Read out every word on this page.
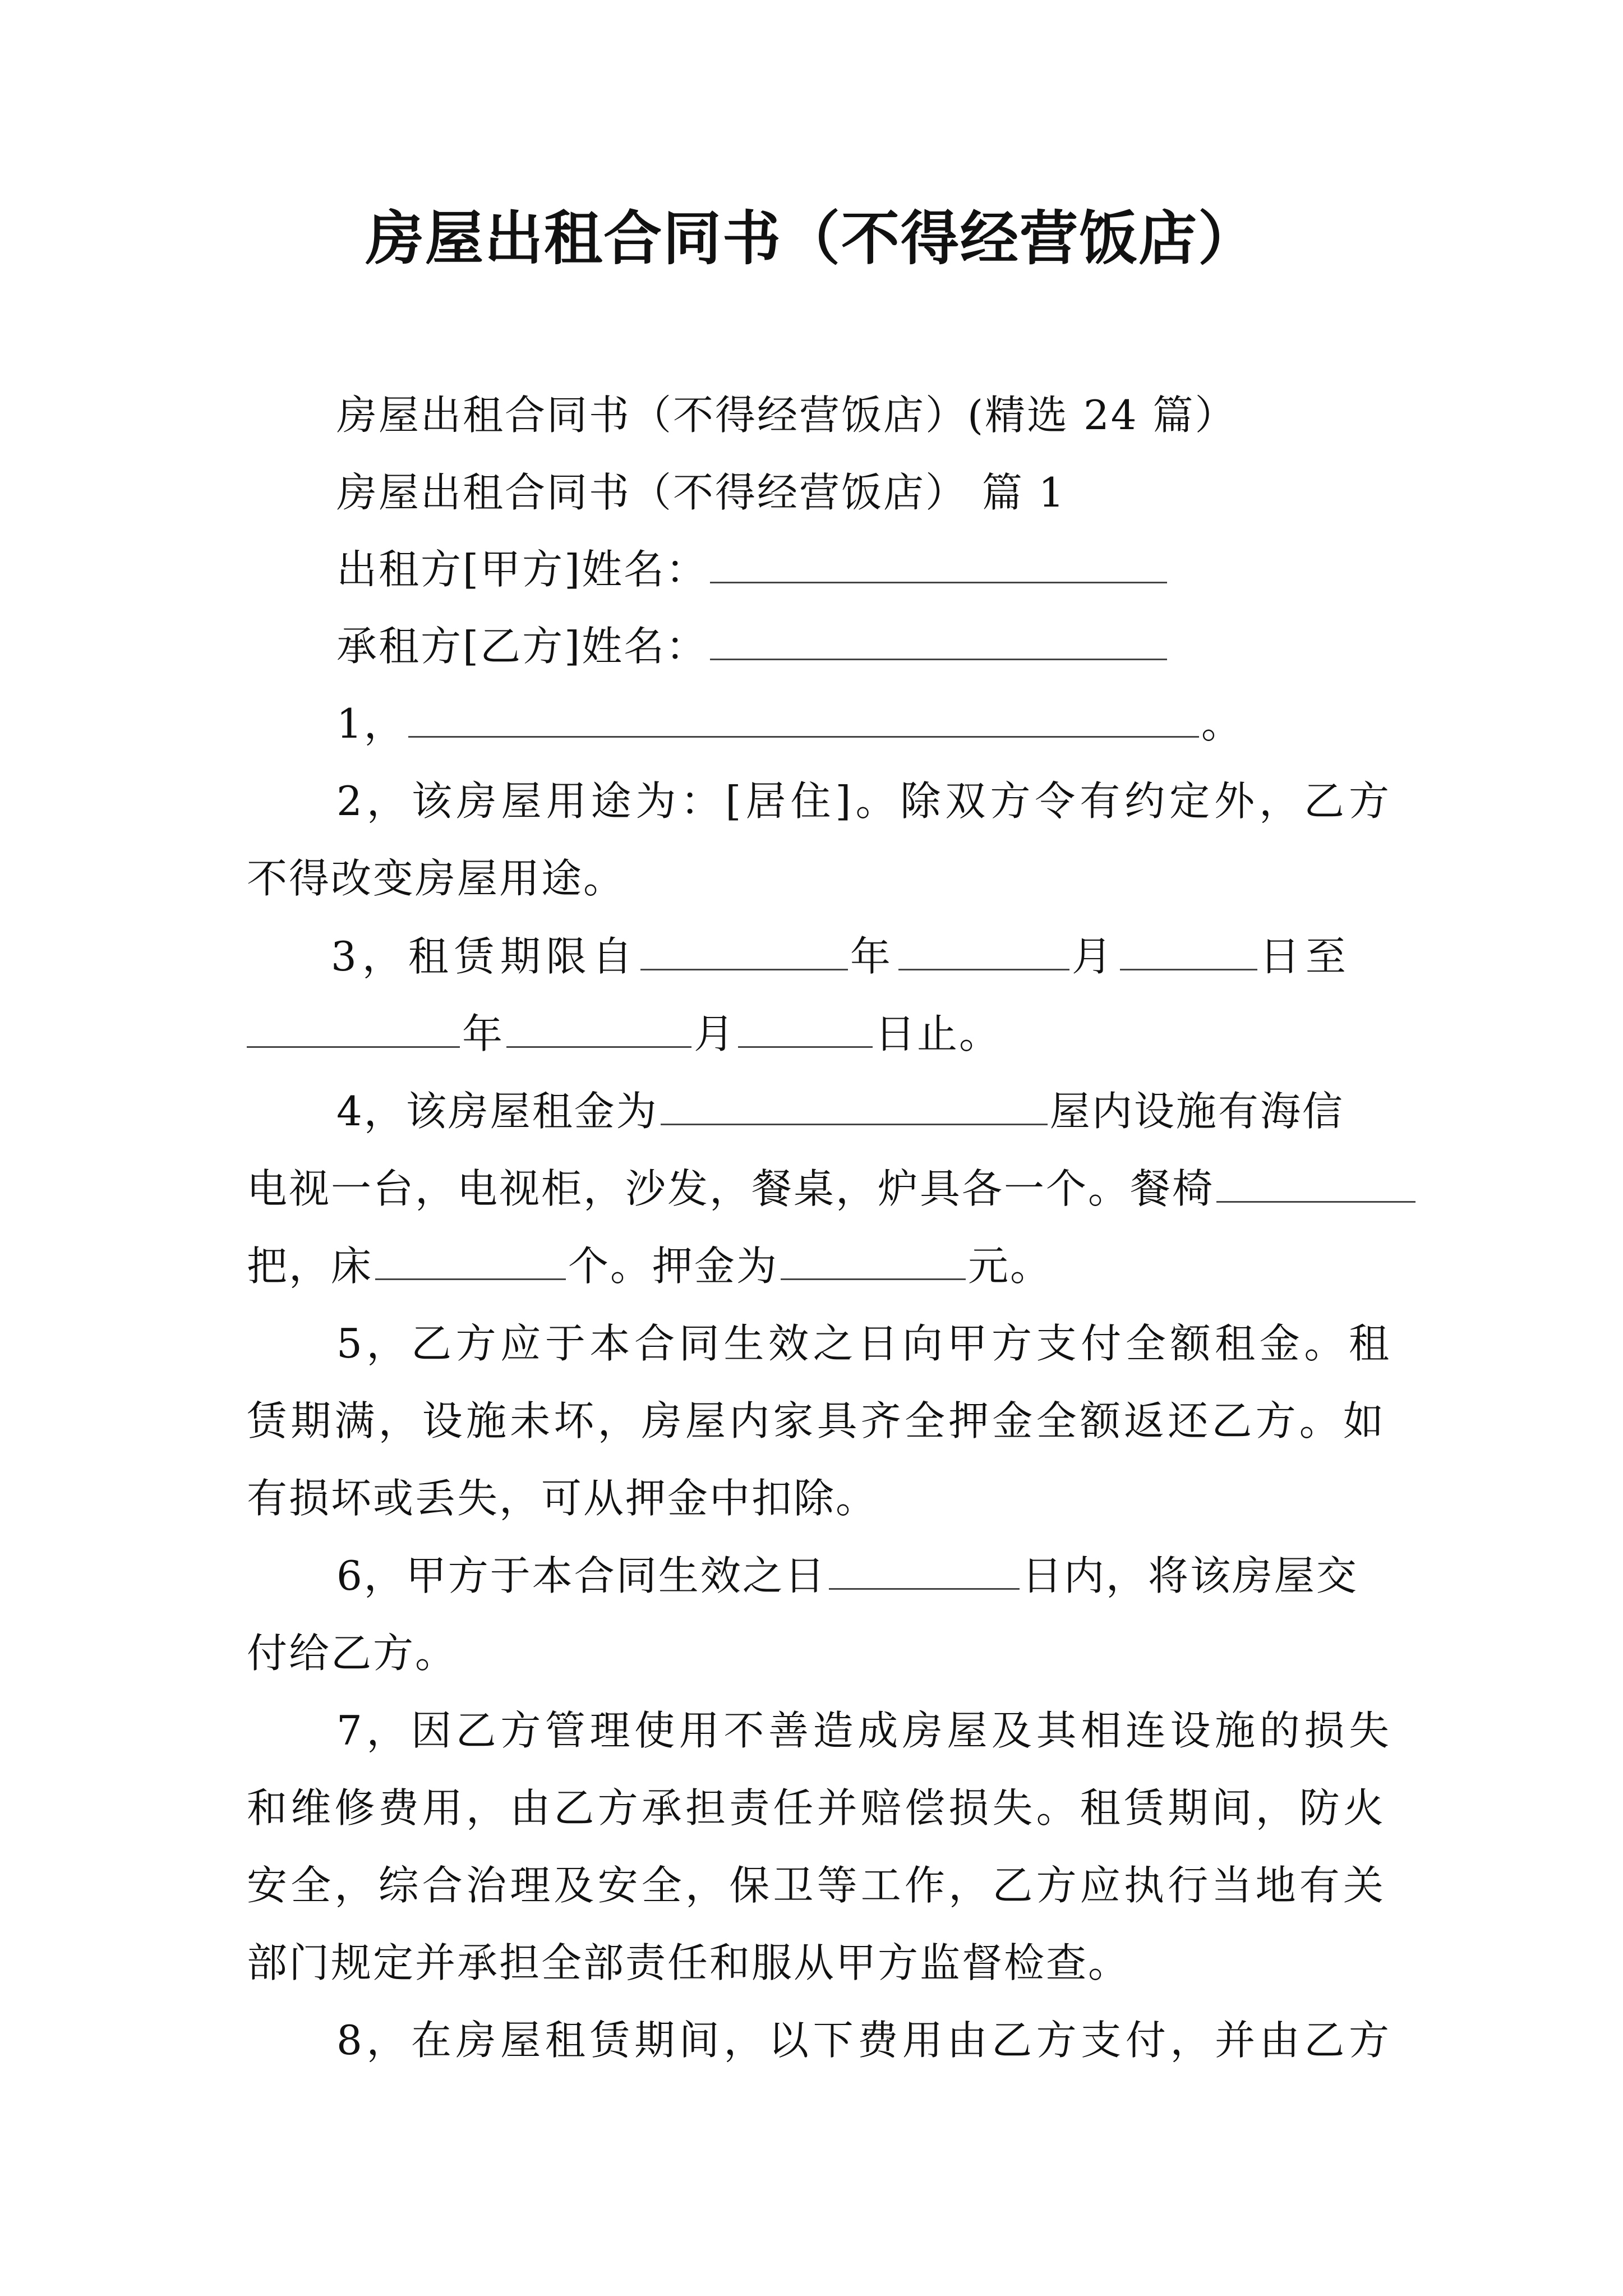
房屋出租合同书（不得经营饭店）
房屋出租合同书（不得经营饭店）(精选 24 篇）
房屋出租合同书（不得经营饭店） 篇 1
出租方[甲方]姓名：
承租方[乙方]姓名：
1，	。
2，该房屋用途为：[居住]。除双方令有约定外，乙方
不得改变房屋用途。
3，租赁期限自	年	月	日至
年	月	日止。
4，该房屋租金为	屋内设施有海信
电视一台，电视柜，沙发，餐桌，炉具各一个。餐椅
把，床	个。押金为	元。
5，乙方应于本合同生效之日向甲方支付全额租金。租
赁期满，设施未坏，房屋内家具齐全押金全额返还乙方。如
有损坏或丢失，可从押金中扣除。
6，甲方于本合同生效之日	日内，将该房屋交
付给乙方。
7，因乙方管理使用不善造成房屋及其相连设施的损失
和维修费用，由乙方承担责任并赔偿损失。租赁期间，防火
安全，综合治理及安全，保卫等工作，乙方应执行当地有关
部门规定并承担全部责任和服从甲方监督检查。
8，在房屋租赁期间，以下费用由乙方支付，并由乙方
